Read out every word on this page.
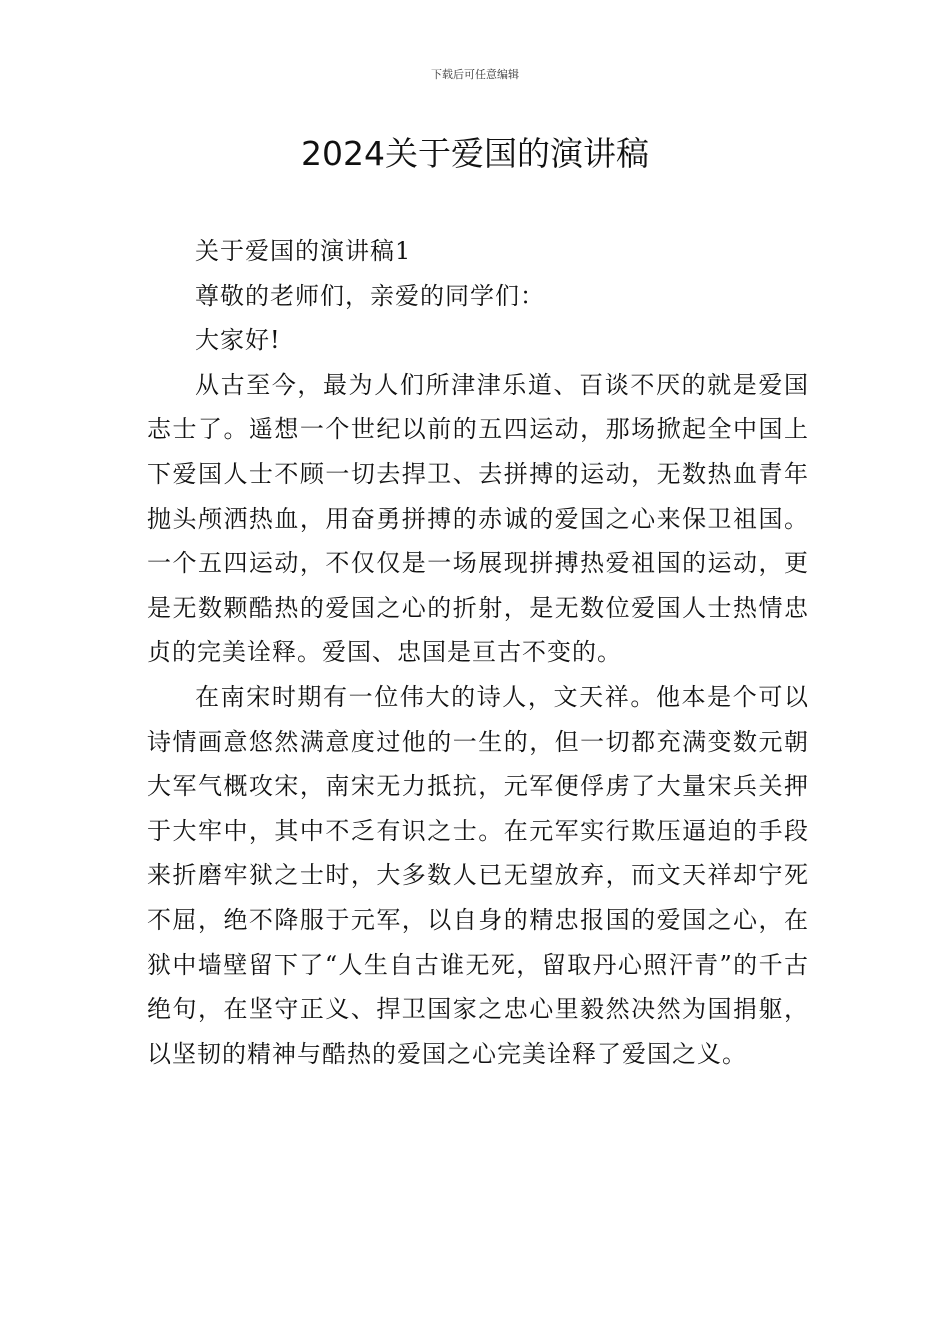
下载后可任意编辑
2024关于爱国的演讲稿

关于爱国的演讲稿1

尊敬的老师们，亲爱的同学们：

大家好!

从古至今，最为人们所津津乐道、百谈不厌的就是爱国志士了。遥想一个世纪以前的五四运动，那场掀起全中国上下爱国人士不顾一切去捍卫、去拼搏的运动，无数热血青年抛头颅洒热血，用奋勇拼搏的赤诚的爱国之心来保卫祖国。一个五四运动，不仅仅是一场展现拼搏热爱祖国的运动，更是无数颗酷热的爱国之心的折射，是无数位爱国人士热情忠贞的完美诠释。爱国、忠国是亘古不变的。

在南宋时期有一位伟大的诗人，文天祥。他本是个可以诗情画意悠然满意度过他的一生的，但一切都充满变数元朝大军气概攻宋，南宋无力抵抗，元军便俘虏了大量宋兵关押于大牢中，其中不乏有识之士。在元军实行欺压逼迫的手段来折磨牢狱之士时，大多数人已无望放弃，而文天祥却宁死不屈，绝不降服于元军，以自身的精忠报国的爱国之心，在狱中墙壁留下了“人生自古谁无死，留取丹心照汗青”的千古绝句，在坚守正义、捍卫国家之忠心里毅然决然为国捐躯，以坚韧的精神与酷热的爱国之心完美诠释了爱国之义。
